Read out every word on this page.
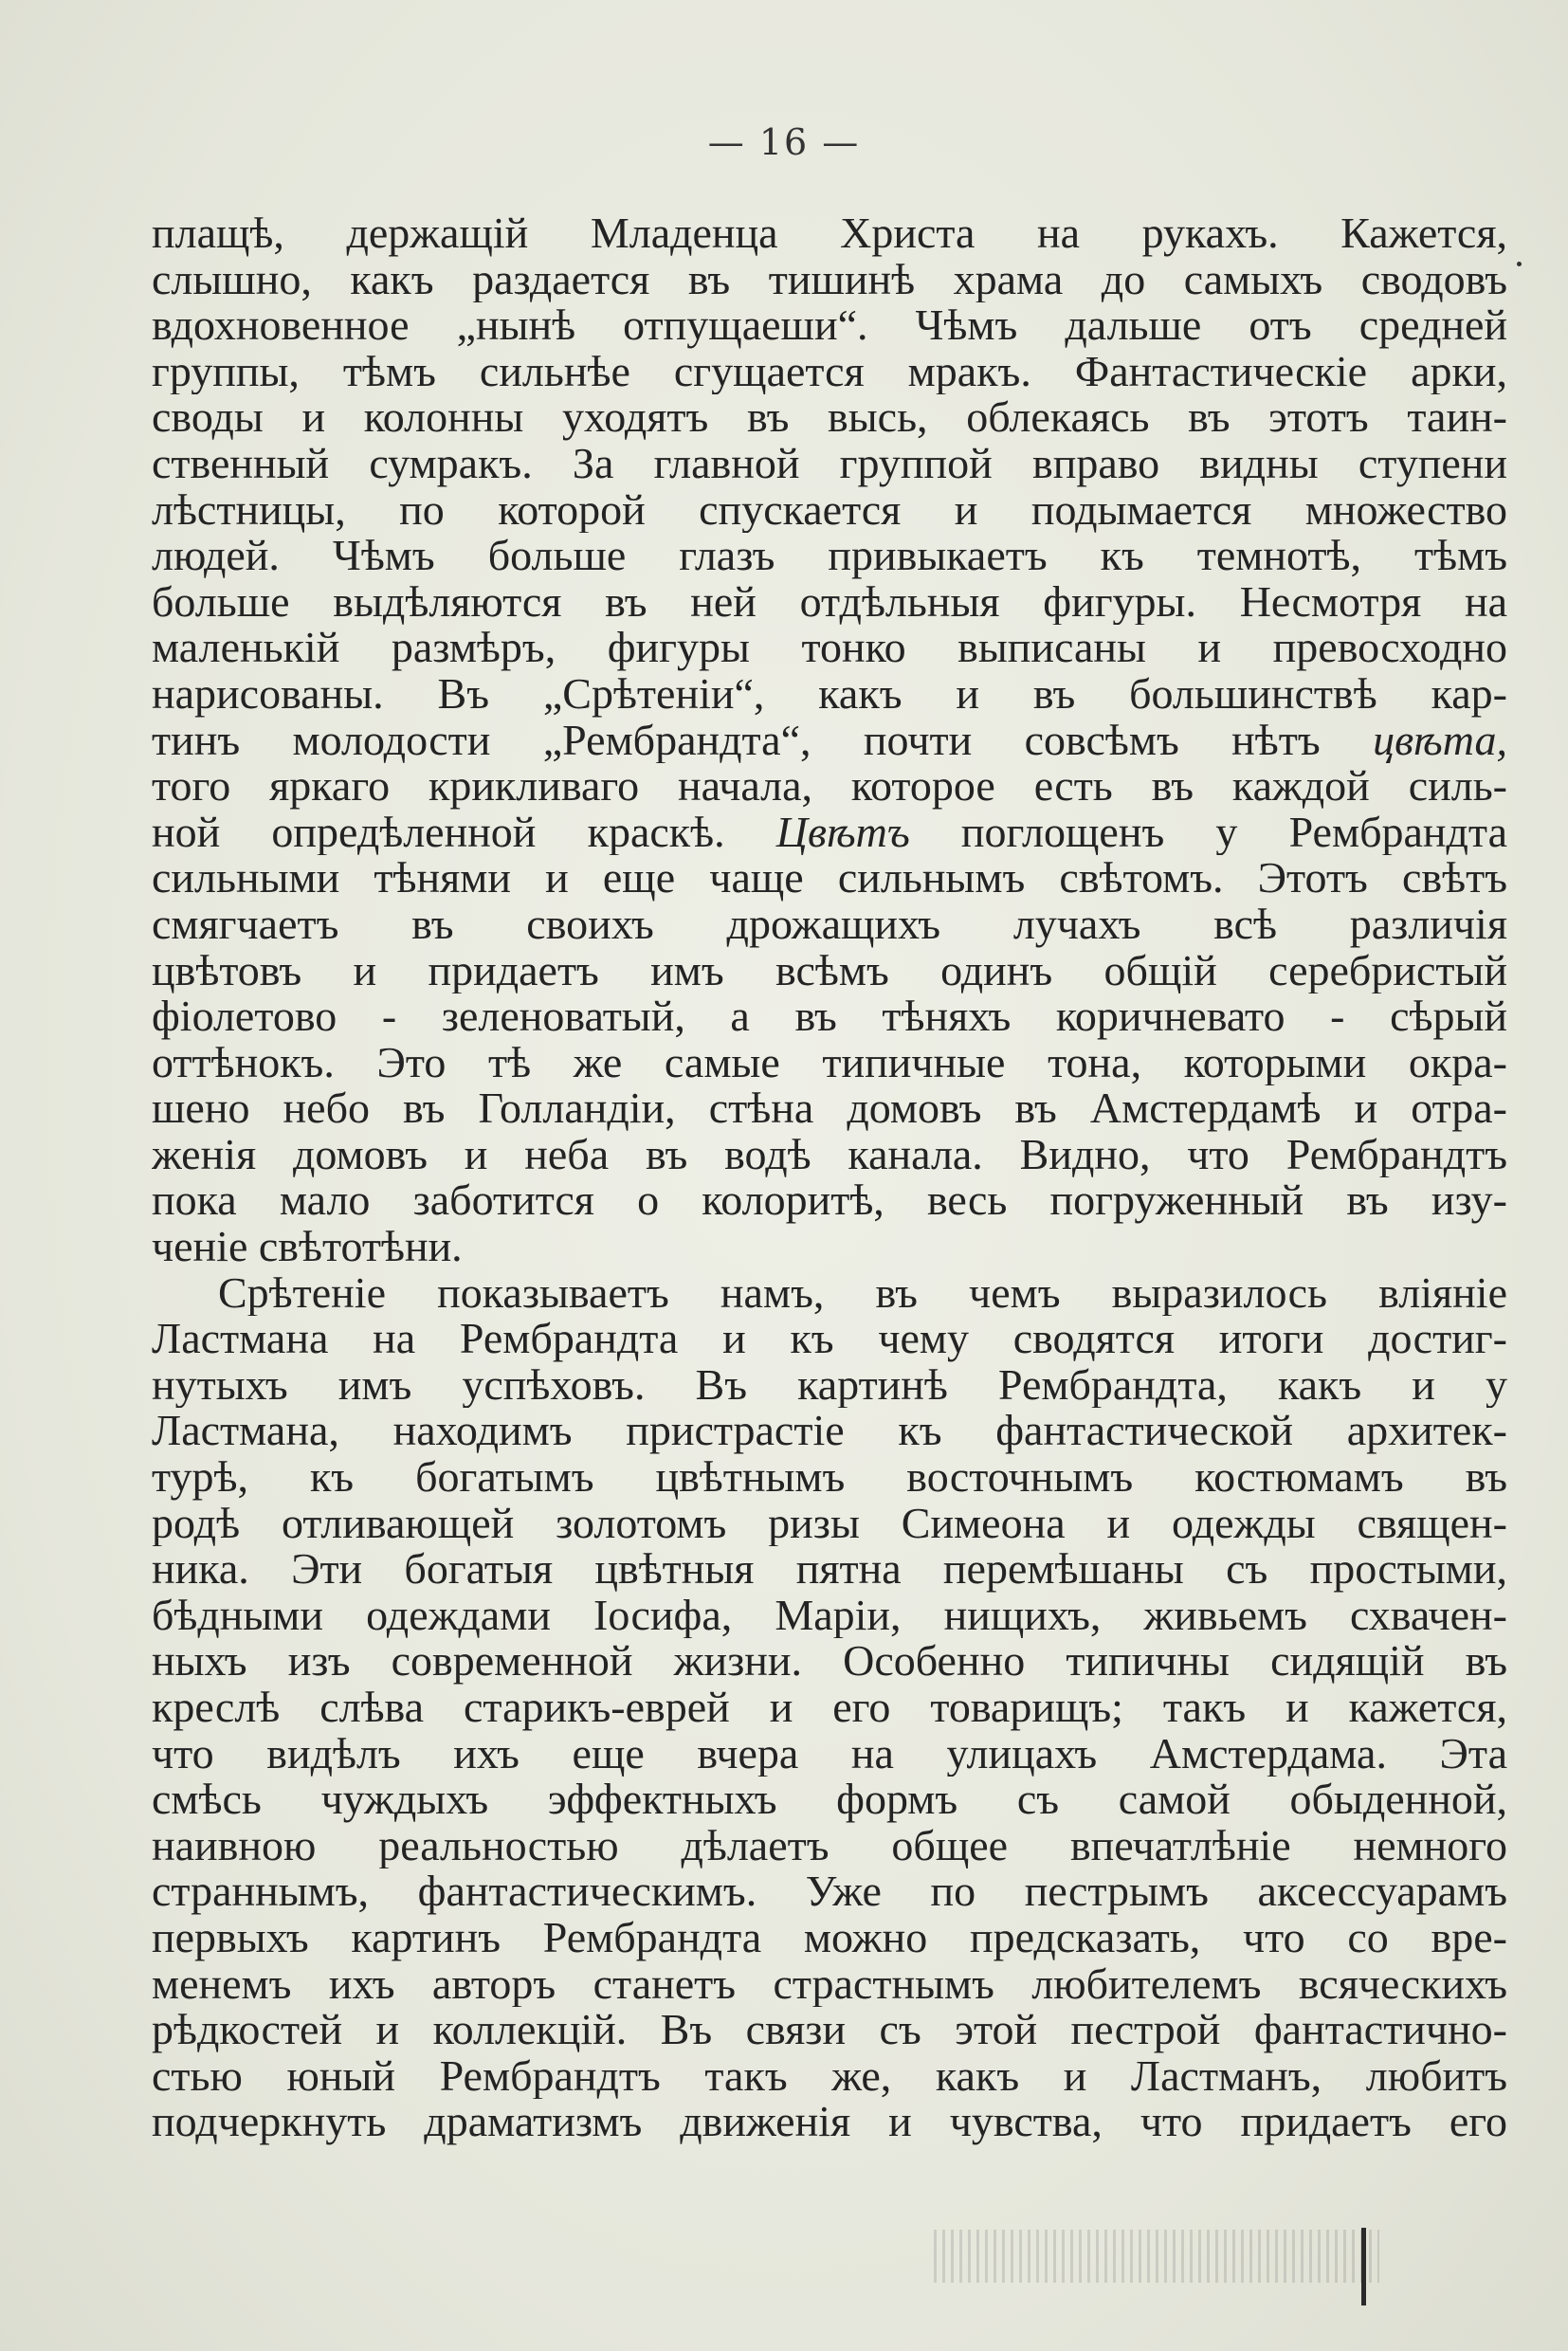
— 16 —
плащѣ, держащій Младенца Христа на рукахъ. Кажется,
слышно, какъ раздается въ тишинѣ храма до самыхъ сводовъ
вдохновенное „нынѣ отпущаеши“. Чѣмъ дальше отъ средней
группы, тѣмъ сильнѣе сгущается мракъ. Фантастическіе арки,
своды и колонны уходятъ въ высь, облекаясь въ этотъ таин-
ственный сумракъ. За главной группой вправо видны ступени
лѣстницы, по которой спускается и подымается множество
людей. Чѣмъ больше глазъ привыкаетъ къ темнотѣ, тѣмъ
больше выдѣляются въ ней отдѣльныя фигуры. Несмотря на
маленькій размѣръ, фигуры тонко выписаны и превосходно
нарисованы. Въ „Срѣтеніи“, какъ и въ большинствѣ кар-
тинъ молодости „Рембрандта“, почти совсѣмъ нѣтъ цвѣта,
того яркаго крикливаго начала, которое есть въ каждой силь-
ной опредѣленной краскѣ. Цвѣтъ поглощенъ у Рембрандта
сильными тѣнями и еще чаще сильнымъ свѣтомъ. Этотъ свѣтъ
смягчаетъ въ своихъ дрожащихъ лучахъ всѣ различія
цвѣтовъ и придаетъ имъ всѣмъ одинъ общій серебристый
фіолетово - зеленоватый, а въ тѣняхъ коричневато - сѣрый
оттѣнокъ. Это тѣ же самые типичные тона, которыми окра-
шено небо въ Голландіи, стѣна домовъ въ Амстердамѣ и отра-
женія домовъ и неба въ водѣ канала. Видно, что Рембрандтъ
пока мало заботится о колоритѣ, весь погруженный въ изу-
ченіе свѣтотѣни.
Срѣтеніе показываетъ намъ, въ чемъ выразилось вліяніе
Ластмана на Рембрандта и къ чему сводятся итоги достиг-
нутыхъ имъ успѣховъ. Въ картинѣ Рембрандта, какъ и у
Ластмана, находимъ пристрастіе къ фантастической архитек-
турѣ, къ богатымъ цвѣтнымъ восточнымъ костюмамъ въ
родѣ отливающей золотомъ ризы Симеона и одежды священ-
ника. Эти богатыя цвѣтныя пятна перемѣшаны съ простыми,
бѣдными одеждами Іосифа, Маріи, нищихъ, живьемъ схвачен-
ныхъ изъ современной жизни. Особенно типичны сидящій въ
креслѣ слѣва старикъ-еврей и его товарищъ; такъ и кажется,
что видѣлъ ихъ еще вчера на улицахъ Амстердама. Эта
смѣсь чуждыхъ эффектныхъ формъ съ самой обыденной,
наивною реальностью дѣлаетъ общее впечатлѣніе немного
страннымъ, фантастическимъ. Уже по пестрымъ аксессуарамъ
первыхъ картинъ Рембрандта можно предсказать, что со вре-
менемъ ихъ авторъ станетъ страстнымъ любителемъ всяческихъ
рѣдкостей и коллекцій. Въ связи съ этой пестрой фантастично-
стью юный Рембрандтъ такъ же, какъ и Ластманъ, любитъ
подчеркнуть драматизмъ движенія и чувства, что придаетъ его
